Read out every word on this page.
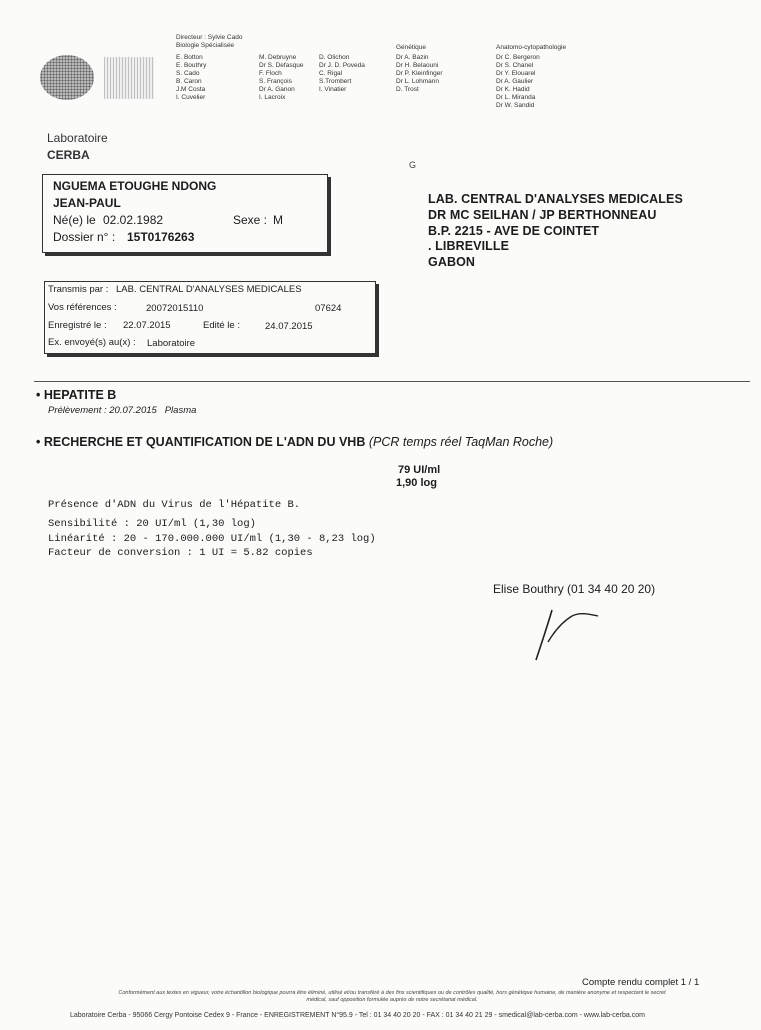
Directeur : Sylvie Cado
Biologie Spécialisée
E. Botton
E. Bouthry
S. Cado
B. Caron
J.M Costa
I. Cuvelier
M. Debruyne
Dr S. Defasque
F. Floch
S. François
Dr A. Ganon
I. Lacroix
D. Olichon
Dr J. D. Poveda
C. Rigal
S.Trombert
I. Vinatier
Génétique
Dr A. Bazin
Dr H. Belaouni
Dr P. Kleinfinger
Dr L. Lohmann
D. Trost
Anatomo-cytopathologie
Dr C. Bergeron
Dr S. Chanel
Dr Y. Elouarel
Dr A. Gaulier
Dr K. Hadid
Dr L. Miranda
Dr W. Sandid
Laboratoire
CERBA
NGUEMA ETOUGHE NDONG
JEAN-PAUL
Né(e) le 02.02.1982	Sexe : M
Dossier n° : 15T0176263
G
LAB. CENTRAL D'ANALYSES MEDICALES
DR MC SEILHAN / JP BERTHONNEAU
B.P. 2215 - AVE DE COINTET
. LIBREVILLE
GABON
Transmis par : LAB. CENTRAL D'ANALYSES MEDICALES
Vos références :	20072015110	07624
Enregistré le : 22.07.2015	Edité le :	24.07.2015
Ex. envoyé(s) au(x) : Laboratoire
• HEPATITE B
Prélèvement : 20.07.2015 Plasma
• RECHERCHE ET QUANTIFICATION DE L'ADN DU VHB (PCR temps réel TaqMan Roche)
79 UI/ml
1,90 log
Présence d'ADN du Virus de l'Hépatite B.
Sensibilité : 20 UI/ml (1,30 log)
Linéarité : 20 - 170.000.000 UI/ml (1,30 - 8,23 log)
Facteur de conversion : 1 UI = 5.82 copies
Elise Bouthry (01 34 40 20 20)
Compte rendu complet 1 / 1
Conformément aux textes en vigueur, votre échantillon biologique pourra être éliminé, utilisé et/ou transféré à des fins scientifiques ou de contrôles qualité, hors génétique humaine, de manière anonyme et respectant le secret
médical, sauf opposition formulée auprès de notre secrétariat médical.
Laboratoire Cerba - 95066 Cergy Pontoise Cedex 9 - France - ENREGISTREMENT N°95.9 - Tel : 01 34 40 20 20 - FAX : 01 34 40 21 29 - smedical@lab-cerba.com - www.lab-cerba.com
